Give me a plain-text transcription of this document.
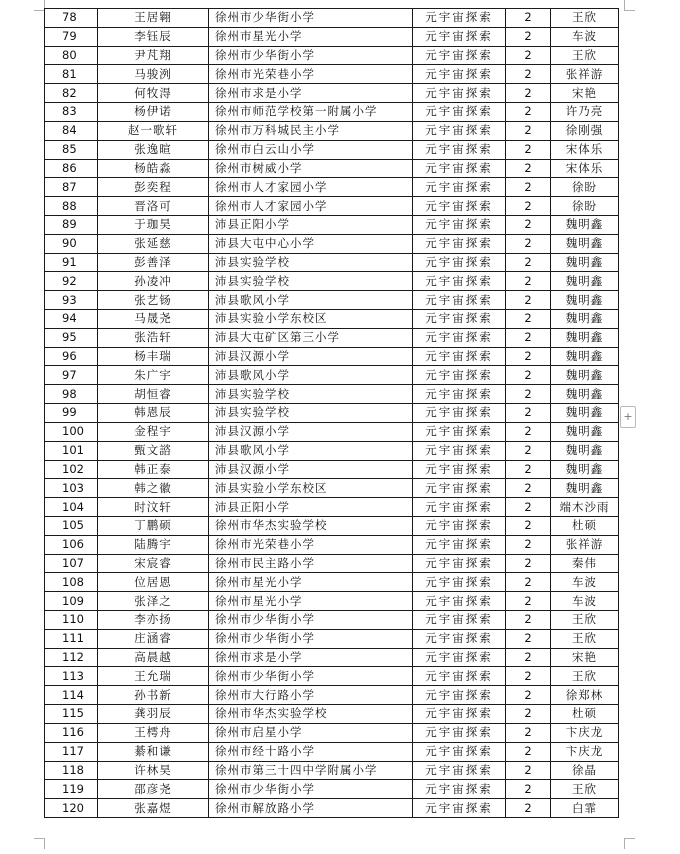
78	王居翱	徐州市少华街小学	元宇宙探索	2	王欣
79	李钰辰	徐州市星光小学	元宇宙探索	2	车波
80	尹芃翔	徐州市少华街小学	元宇宙探索	2	王欣
81	马骏洌	徐州市光荣巷小学	元宇宙探索	2	张祥游
82	何牧淂	徐州市求是小学	元宇宙探索	2	宋艳
83	杨伊诺	徐州市师范学校第一附属小学	元宇宙探索	2	许乃亮
84	赵一歌轩	徐州市万科城民主小学	元宇宙探索	2	徐刚强
85	张逸暄	徐州市白云山小学	元宇宙探索	2	宋体乐
86	杨皓淼	徐州市树威小学	元宇宙探索	2	宋体乐
87	彭奕程	徐州市人才家园小学	元宇宙探索	2	徐盼
88	晋洛可	徐州市人才家园小学	元宇宙探索	2	徐盼
89	于珈昊	沛县正阳小学	元宇宙探索	2	魏明鑫
90	张延慈	沛县大屯中心小学	元宇宙探索	2	魏明鑫
91	彭善泽	沛县实验学校	元宇宙探索	2	魏明鑫
92	孙凌冲	沛县实验学校	元宇宙探索	2	魏明鑫
93	张艺钖	沛县歌风小学	元宇宙探索	2	魏明鑫
94	马晟尧	沛县实验小学东校区	元宇宙探索	2	魏明鑫
95	张浩轩	沛县大屯矿区第三小学	元宇宙探索	2	魏明鑫
96	杨丰瑞	沛县汉源小学	元宇宙探索	2	魏明鑫
97	朱广宇	沛县歌风小学	元宇宙探索	2	魏明鑫
98	胡恒睿	沛县实验学校	元宇宙探索	2	魏明鑫
99	韩恩辰	沛县实验学校	元宇宙探索	2	魏明鑫
100	金程宇	沛县汉源小学	元宇宙探索	2	魏明鑫
101	甄文諮	沛县歌风小学	元宇宙探索	2	魏明鑫
102	韩正泰	沛县汉源小学	元宇宙探索	2	魏明鑫
103	韩之徽	沛县实验小学东校区	元宇宙探索	2	魏明鑫
104	时汶轩	沛县正阳小学	元宇宙探索	2	端木沙雨
105	丁鹏硕	徐州市华杰实验学校	元宇宙探索	2	杜硕
106	陆腾宇	徐州市光荣巷小学	元宇宙探索	2	张祥游
107	宋宸睿	徐州市民主路小学	元宇宙探索	2	秦伟
108	位居恩	徐州市星光小学	元宇宙探索	2	车波
109	张泽之	徐州市星光小学	元宇宙探索	2	车波
110	李亦扬	徐州市少华街小学	元宇宙探索	2	王欣
111	庄涵睿	徐州市少华街小学	元宇宙探索	2	王欣
112	高晨越	徐州市求是小学	元宇宙探索	2	宋艳
113	王允瑞	徐州市少华街小学	元宇宙探索	2	王欣
114	孙书新	徐州市大行路小学	元宇宙探索	2	徐郑林
115	龚羽辰	徐州市华杰实验学校	元宇宙探索	2	杜硕
116	王樗舟	徐州市启星小学	元宇宙探索	2	卞庆龙
117	綦和谦	徐州市经十路小学	元宇宙探索	2	卞庆龙
118	许林昊	徐州市第三十四中学附属小学	元宇宙探索	2	徐晶
119	邵彦尧	徐州市少华街小学	元宇宙探索	2	王欣
120	张嘉煜	徐州市解放路小学	元宇宙探索	2	白霏
+
